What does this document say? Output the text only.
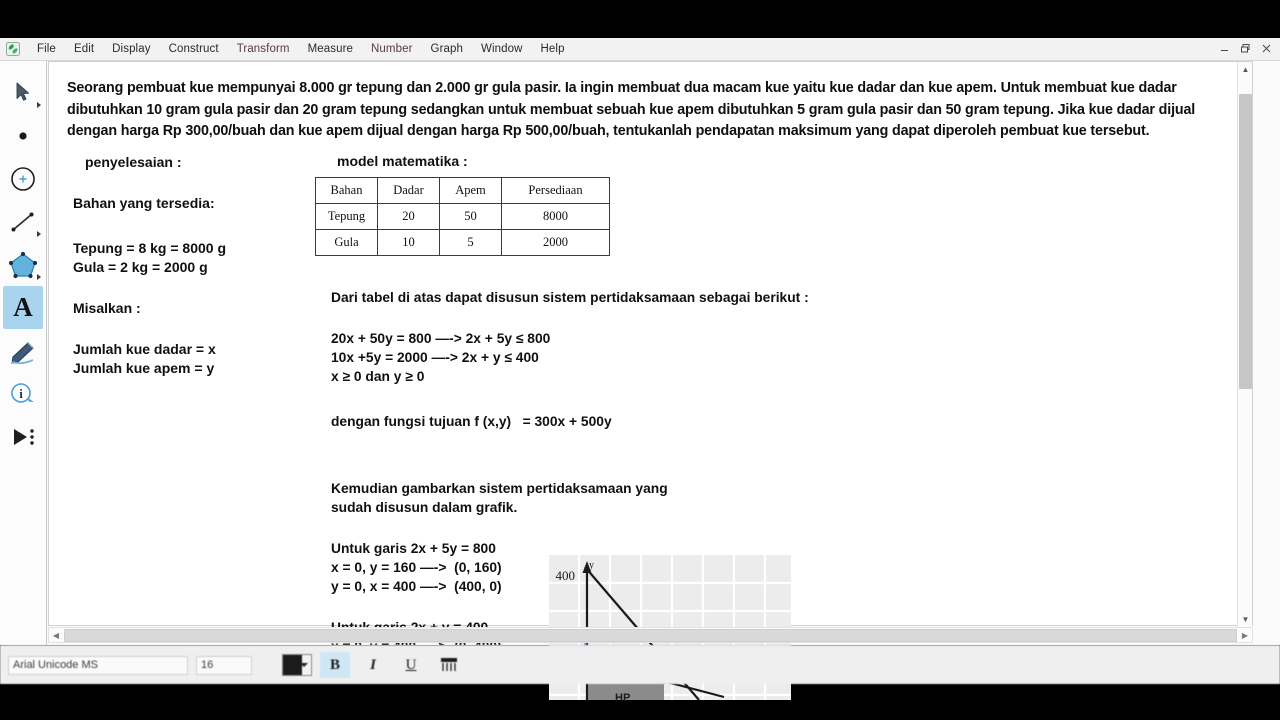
File	Edit	Display	Construct	Transform	Measure	Number	Graph	Window	Help
A
i
Seorang pembuat kue mempunyai 8.000 gr tepung dan 2.000 gr gula pasir. Ia ingin membuat dua macam kue yaitu kue dadar dan kue apem. Untuk membuat kue dadar dibutuhkan 10 gram gula pasir dan 20 gram tepung sedangkan untuk membuat sebuah kue apem dibutuhkan 5 gram gula pasir dan 50 gram tepung. Jika kue dadar dijual dengan harga Rp 300,00/buah dan kue apem dijual dengan harga Rp 500,00/buah, tentukanlah pendapatan maksimum yang dapat diperoleh pembuat kue tersebut.
penyelesaian :
Bahan yang tersedia:
Tepung = 8 kg = 8000 g
Gula = 2 kg = 2000 g
Misalkan :
Jumlah kue dadar = x
Jumlah kue apem = y
model matematika :
Bahan	Dadar	Apem	Persediaan
Tepung	20	50	8000
Gula	10	5	2000
Dari tabel di atas dapat disusun sistem pertidaksamaan sebagai berikut :
20x + 50y = 800 —-> 2x + 5y ≤ 800
10x +5y = 2000 —-> 2x + y ≤ 400
x ≥ 0 dan y ≥ 0
dengan fungsi tujuan f (x,y)   = 300x + 500y
Kemudian gambarkan sistem pertidaksamaan yang
sudah disusun dalam grafik.
Untuk garis 2x + 5y = 800
x = 0, y = 160 —->  (0, 160)
y = 0, x = 400 —->  (400, 0)
400
y
HP
▲
▼
◀	▶
Arial Unicode MS	16	B	I	U
